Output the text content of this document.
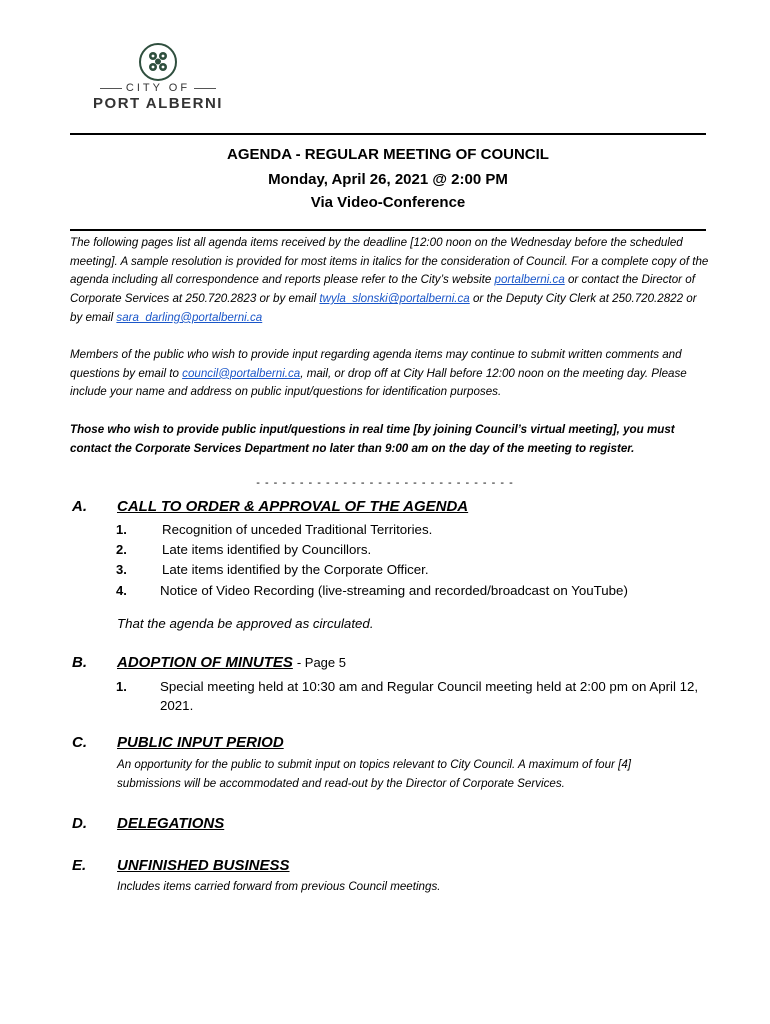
CITY OF
PORT ALBERNI
AGENDA - REGULAR MEETING OF COUNCIL
Monday, April 26, 2021 @ 2:00 PM
Via Video-Conference
The following pages list all agenda items received by the deadline [12:00 noon on the Wednesday before the scheduled meeting]. A sample resolution is provided for most items in italics for the consideration of Council. For a complete copy of the agenda including all correspondence and reports please refer to the City’s website portalberni.ca or contact the Director of Corporate Services at 250.720.2823 or by email twyla_slonski@portalberni.ca or the Deputy City Clerk at 250.720.2822 or by email sara_darling@portalberni.ca
Members of the public who wish to provide input regarding agenda items may continue to submit written comments and questions by email to council@portalberni.ca, mail, or drop off at City Hall before 12:00 noon on the meeting day. Please include your name and address on public input/questions for identification purposes.
Those who wish to provide public input/questions in real time [by joining Council’s virtual meeting], you must contact the Corporate Services Department no later than 9:00 am on the day of the meeting to register.
- - - - - - - - - - - - - - - - - - - - - - - - - - - - - -
A. CALL TO ORDER & APPROVAL OF THE AGENDA
1.	Recognition of unceded Traditional Territories.
2.	Late items identified by Councillors.
3.	Late items identified by the Corporate Officer.
4. Notice of Video Recording (live-streaming and recorded/broadcast on YouTube)
That the agenda be approved as circulated.
B. ADOPTION OF MINUTES - Page 5
1. Special meeting held at 10:30 am and Regular Council meeting held at 2:00 pm on April 12, 2021.
C. PUBLIC INPUT PERIOD
An opportunity for the public to submit input on topics relevant to City Council. A maximum of four [4] submissions will be accommodated and read-out by the Director of Corporate Services.
D. DELEGATIONS
E. UNFINISHED BUSINESS
Includes items carried forward from previous Council meetings.
